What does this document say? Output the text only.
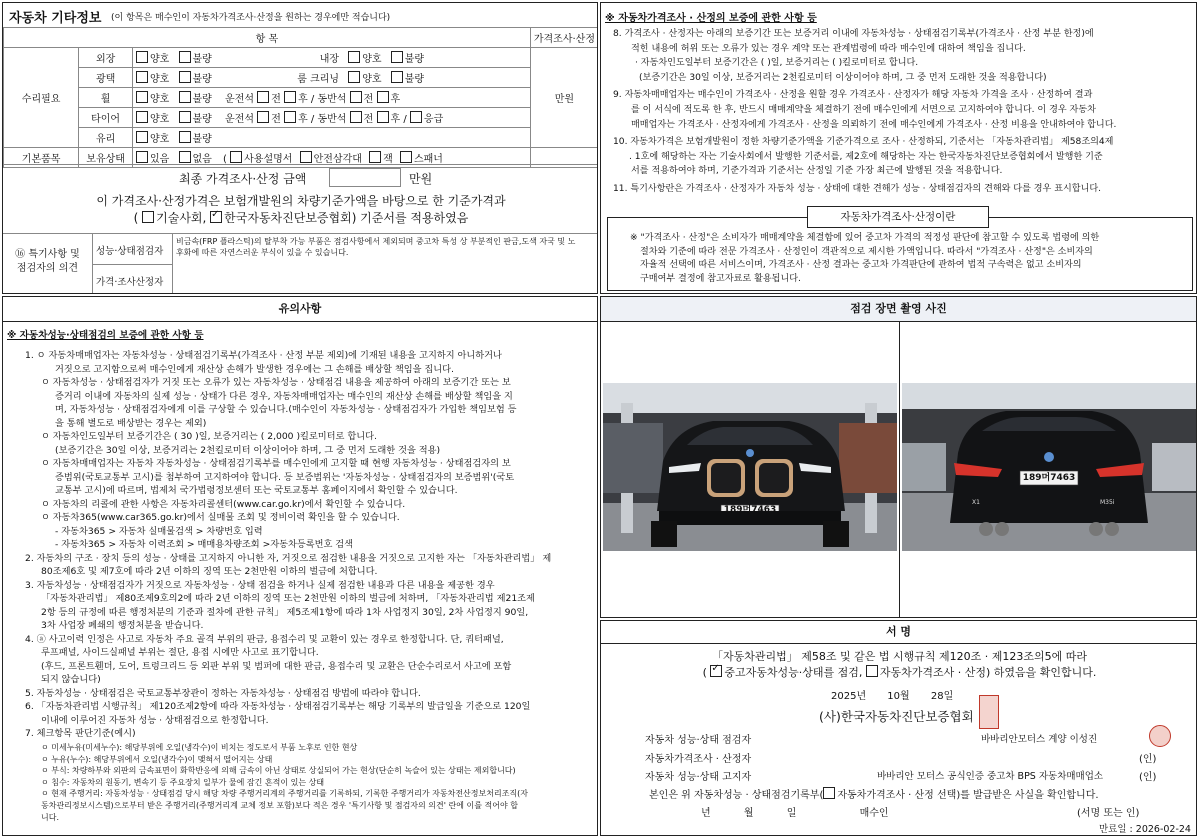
자동차 기타정보 (이 항목은 매수인이 자동차가격조사·산정을 원하는 경우에만 적습니다)
항 목			가격조사·산정
수리필요	외장	양호 불량 내장 양호 불량	만원
	광택	양호 불량 룸 크리닝 양호 불량	
	휠	양호 불량 운전석 전 후 / 동반석 전 후	
	타이어	양호 불량 운전석 전 후 / 동반석 전 후 / 응급	
	유리	양호 불량	
기본품목	보유상태	있음 없음 ( 사용설명서 안전삼각대 잭 스패너	
최종 가격조사·산정 금액	만원
이 가격조사·산정가격은 보험개발원의 차량기준가액을 바탕으로 한 기준가격과
( 기술사회, ✓한국자동차진단보증협회) 기준서를 적용하였음
⑯ 특기사항 및 점검자의 의견
성능·상태점검자
비금속(FRP 플라스틱)의 탈부착 가능 부품은 점검사항에서 제외되며 중고차 특성 상 부분적인 판금,도색 자국 및 노후화에 따른 자연스러운 부식이 있을 수 있습니다.
가격·조사산정자
※ 자동차가격조사 · 산정의 보증에 관한 사항 등
8. 가격조사 · 산정자는 아래의 보증기간 또는 보증거리 이내에 자동차성능 · 상태점검기록부(가격조사 · 산정 부분 한정)에
적힌 내용에 허위 또는 오류가 있는 경우 계약 또는 관계법령에 따라 매수인에 대하여 책임을 집니다.
· 자동차인도일부터 보증기간은 ( )일, 보증거리는 ( )킬로미터로 합니다.
(보증기간은 30일 이상, 보증거리는 2천킬로미터 이상이어야 하며, 그 중 먼저 도래한 것을 적용합니다)
9. 자동차매매업자는 매수인이 가격조사 · 산정을 원할 경우 가격조사 · 산정자가 해당 자동차 가격을 조사 · 산정하여 결과
를 이 서식에 적도록 한 후, 반드시 매매계약을 체결하기 전에 매수인에게 서면으로 고지하여야 합니다. 이 경우 자동차
매매업자는 가격조사 · 산정자에게 가격조사 · 산정을 의뢰하기 전에 매수인에게 가격조사 · 산정 비용을 안내하여야 합니다.
10. 자동차가격은 보험개발원이 정한 차량기준가액을 기준가격으로 조사 · 산정하되, 기준서는 「자동차관리법」 제58조의4제
. 1호에 해당하는 자는 기술사회에서 발행한 기준서를, 제2호에 해당하는 자는 한국자동차진단보증협회에서 발행한 기준
서를 적용하여야 하며, 기준가격과 기준서는 산정일 기준 가장 최근에 발행된 것을 적용합니다.
11. 특기사항란은 가격조사 · 산정자가 자동차 성능 · 상태에 대한 견해가 성능 · 상태점검자의 견해와 다를 경우 표시합니다.
※ "가격조사 · 산정"은 소비자가 매매계약을 체결함에 있어 중고차 가격의 적정성 판단에 참고할 수 있도록 법령에 의한
절차와 기준에 따라 전문 가격조사 · 산정인이 객관적으로 제시한 가액입니다. 따라서 "가격조사 · 산정"은 소비자의
자율적 선택에 따른 서비스이며, 가격조사 · 산정 결과는 중고차 가격판단에 관하여 법적 구속력은 없고 소비자의
구매여부 결정에 참고자료로 활용됩니다.
자동차가격조사·산정이란
유의사항
※ 자동차성능·상태점검의 보증에 관한 사항 등
1. ㅇ 자동차매매업자는 자동차성능 · 상태점검기록부(가격조사 · 산정 부분 제외)에 기재된 내용을 고지하지 아니하거나
거짓으로 고지함으로써 매수인에게 재산상 손해가 발생한 경우에는 그 손해를 배상할 책임을 집니다.
ㅇ 자동차성능 · 상태점검자가 거짓 또는 오류가 있는 자동차성능 · 상태점검 내용을 제공하여 아래의 보증기간 또는 보
증거리 이내에 자동차의 실제 성능 · 상태가 다른 경우, 자동차매매업자는 매수인의 재산상 손해를 배상할 책임을 지
며, 자동차성능 · 상태점검자에게 이를 구상할 수 있습니다.(매수인이 자동차성능 · 상태점검자가 가입한 책임보험 등
을 통해 별도로 배상받는 경우는 제외)
ㅇ 자동차인도일부터 보증기간은 ( 30 )일, 보증거리는 ( 2,000 )킬로미터로 합니다.
(보증기간은 30일 이상, 보증거리는 2천킬로미터 이상이어야 하며, 그 중 먼저 도래한 것을 적용)
ㅇ 자동차매매업자는 자동차 자동차성능 · 상태점검기록부를 매수인에게 고지할 때 현행 자동차성능 · 상태점검자의 보
증범위(국토교통부 고시)를 첨부하여 고지하여야 합니다. 등 보증범위는 '자동차성능 · 상태점검자의 보증범위'(국토
교통부 고시)에 따르며, 법제처 국가법령정보센터 또는 국토교통부 홈페이지에서 확인할 수 있습니다.
ㅇ 자동차의 리콜에 관한 사항은 자동차리콜센터(www.car.go.kr)에서 확인할 수 있습니다.
ㅇ 자동차365(www.car365.go.kr)에서 실매물 조회 및 정비이력 확인을 할 수 있습니다.
- 자동차365 > 자동차 실매물검색 > 차량번호 입력
- 자동차365 > 자동차 이력조회 > 매매용차량조회 >자동차등록번호 검색
2. 자동차의 구조 · 장치 등의 성능 · 상태를 고지하지 아니한 자, 거짓으로 점검한 내용을 거짓으로 고지한 자는 「자동차관리법」 제
80조제6호 및 제7호에 따라 2년 이하의 징역 또는 2천만원 이하의 벌금에 처합니다.
3. 자동차성능 · 상태점검자가 거짓으로 자동차성능 · 상태 점검을 하거나 실제 점검한 내용과 다른 내용을 제공한 경우
「자동차관리법」 제80조제9호의2에 따라 2년 이하의 징역 또는 2천만원 이하의 벌금에 처하며, 「자동차관리법 제21조제
2항 등의 규정에 따른 행정처분의 기준과 절차에 관한 규칙」 제5조제1항에 따라 1차 사업정지 30일, 2차 사업정지 90일,
3차 사업장 폐쇄의 행정처분을 받습니다.
4. ⓐ 사고이력 인정은 사고로 자동차 주요 골격 부위의 판금, 용접수리 및 교환이 있는 경우로 한정합니다. 단, 쿼터패널,
루프패널, 사이드실패널 부위는 절단, 용접 시에만 사고로 표기합니다.
(후드, 프론트휀더, 도어, 트렁크리드 등 외판 부위 및 범퍼에 대한 판금, 용접수리 및 교환은 단순수리로서 사고에 포함
되지 않습니다)
5. 자동차성능 · 상태점검은 국토교통부장관이 정하는 자동차성능 · 상태점검 방법에 따라야 합니다.
6. 「자동차관리법 시행규칙」 제120조제2항에 따라 자동차성능 · 상태점검기록부는 해당 기록부의 발급일을 기준으로 120일
이내에 이루어진 자동차 성능 · 상태점검으로 한정합니다.
7. 체크항목 판단기준(예시)
ㅇ 미세누유(미세누수): 해당부위에 오일(냉각수)이 비치는 정도로서 부품 노후로 인한 현상
ㅇ 누유(누수): 해당부위에서 오일(냉각수)이 맺혀서 떨어지는 상태
ㅇ 부식: 차량하부와 외판의 금속표면이 화학반응에 의해 금속이 아닌 상태로 상실되어 가는 현상(단순히 녹슬어 있는 상태는 제외합니다)
ㅇ 침수: 자동차의 원동기, 변속기 등 주요장치 일부가 물에 잠긴 흔적이 있는 상태
ㅇ 현재 주행거리: 자동차성능 · 상태점검 당시 해당 차량 주행거리계의 주행거리를 기록하되, 기록한 주행거리가 자동차전산정보처리조직(자
동차관리정보시스템)으로부터 받은 주행거리(주행거리계 교체 정보 포함)보다 적은 경우 '특기사항 및 점검자의 의견' 란에 이를 적어야 합
니다.
점검 장면 촬영 사진
189머7463
189머7463
X1	M35i
서 명
「자동차관리법」 제58조 및 같은 법 시행규칙 제120조 · 제123조의5에 따라
( ✓중고자동차성능·상태를 점검, 자동차가격조사 · 산정) 하였음을 확인합니다.
2025년 10월 28일
(사)한국자동차진단보증협회
자동차 성능·상태 점검자	바바리안모터스 계양 이성진
자동차가격조사 · 산정자	(인)
자동차 성능·상태 고지자	바바리안 모터스 공식인증 중고차 BPS 자동차매매업소	(인)
본인은 위 자동차성능 · 상태점검기록부( 자동차가격조사 · 산정 선택)를 발급받은 사실을 확인합니다.
년	월	일	매수인	(서명 또는 인)
만료일 : 2026-02-24
